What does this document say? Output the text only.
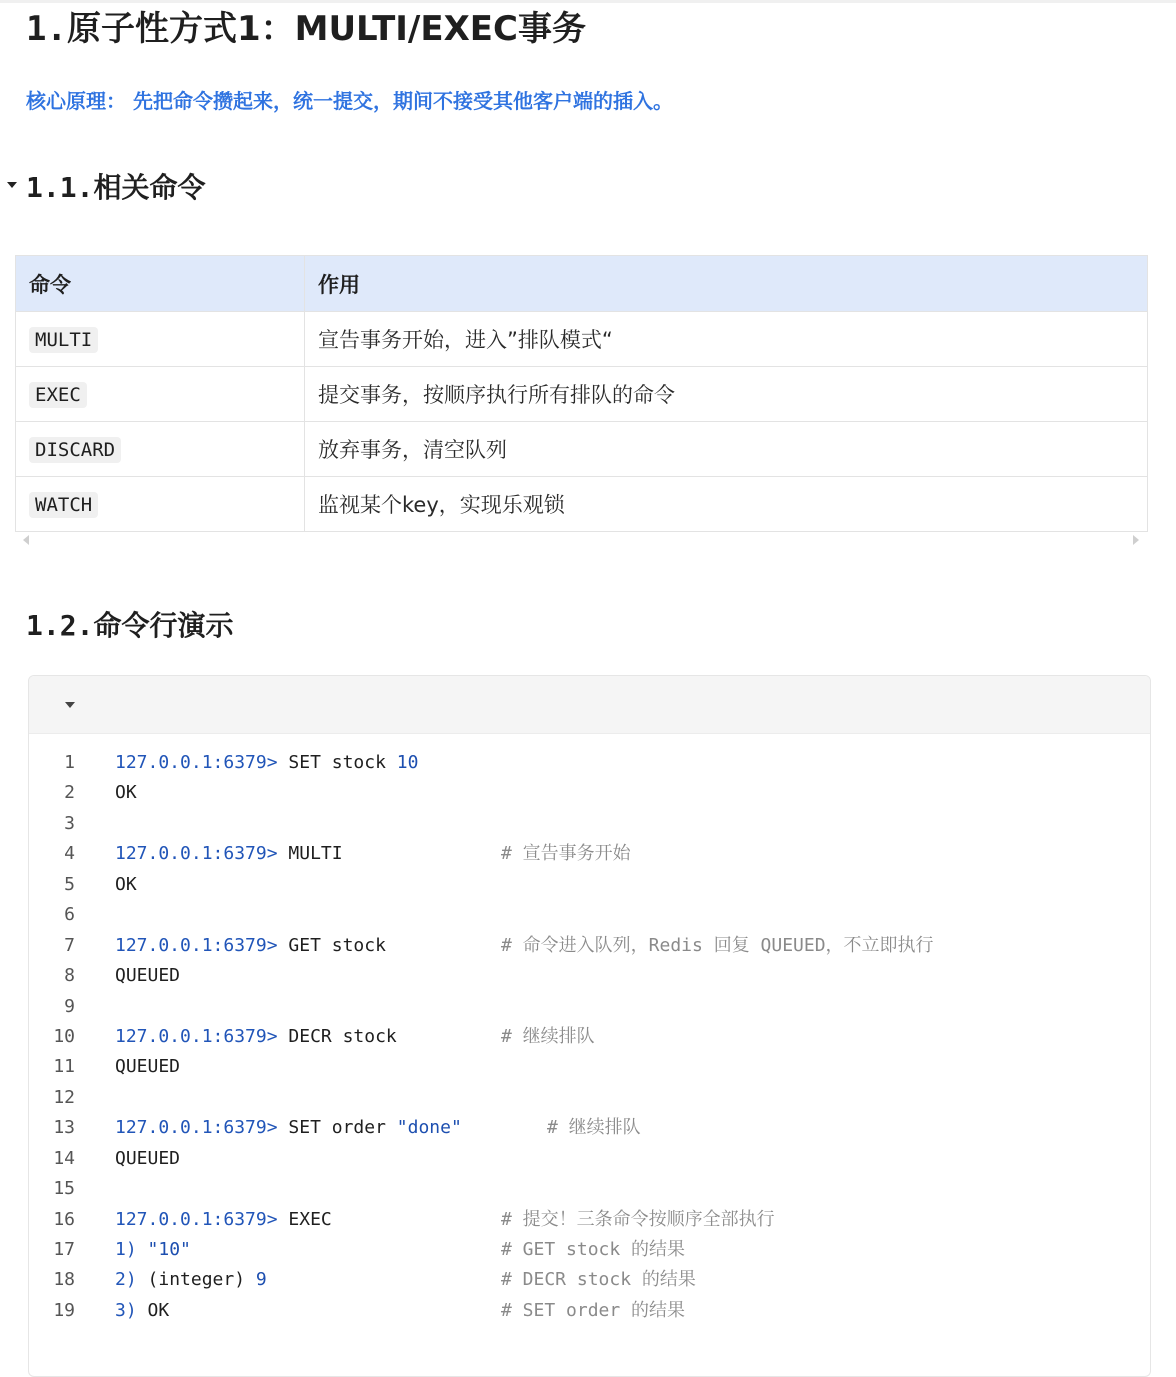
1.原子性方式1：MULTI/EXEC事务

核心原理： 先把命令攒起来，统一提交，期间不接受其他客户端的插入。

1.1.相关命令
命令	作用
MULTI	宣告事务开始，进入”排队模式“
EXEC	提交事务，按顺序执行所有排队的命令
DISCARD	放弃事务，清空队列
WATCH	监视某个key，实现乐观锁
1.2.命令行演示
1 127.0.0.1:6379> SET stock 10
2 OK
3
4 127.0.0.1:6379> MULTI	# 宣告事务开始
5 OK
6
7 127.0.0.1:6379> GET stock	# 命令进入队列，Redis 回复 QUEUED，不立即执行
8 QUEUED
9
10 127.0.0.1:6379> DECR stock	# 继续排队
11 QUEUED
12
13 127.0.0.1:6379> SET order "done"	# 继续排队
14 QUEUED
15
16 127.0.0.1:6379> EXEC	# 提交！三条命令按顺序全部执行
17 1) "10"	# GET stock 的结果
18 2) (integer) 9	# DECR stock 的结果
19 3) OK	# SET order 的结果
